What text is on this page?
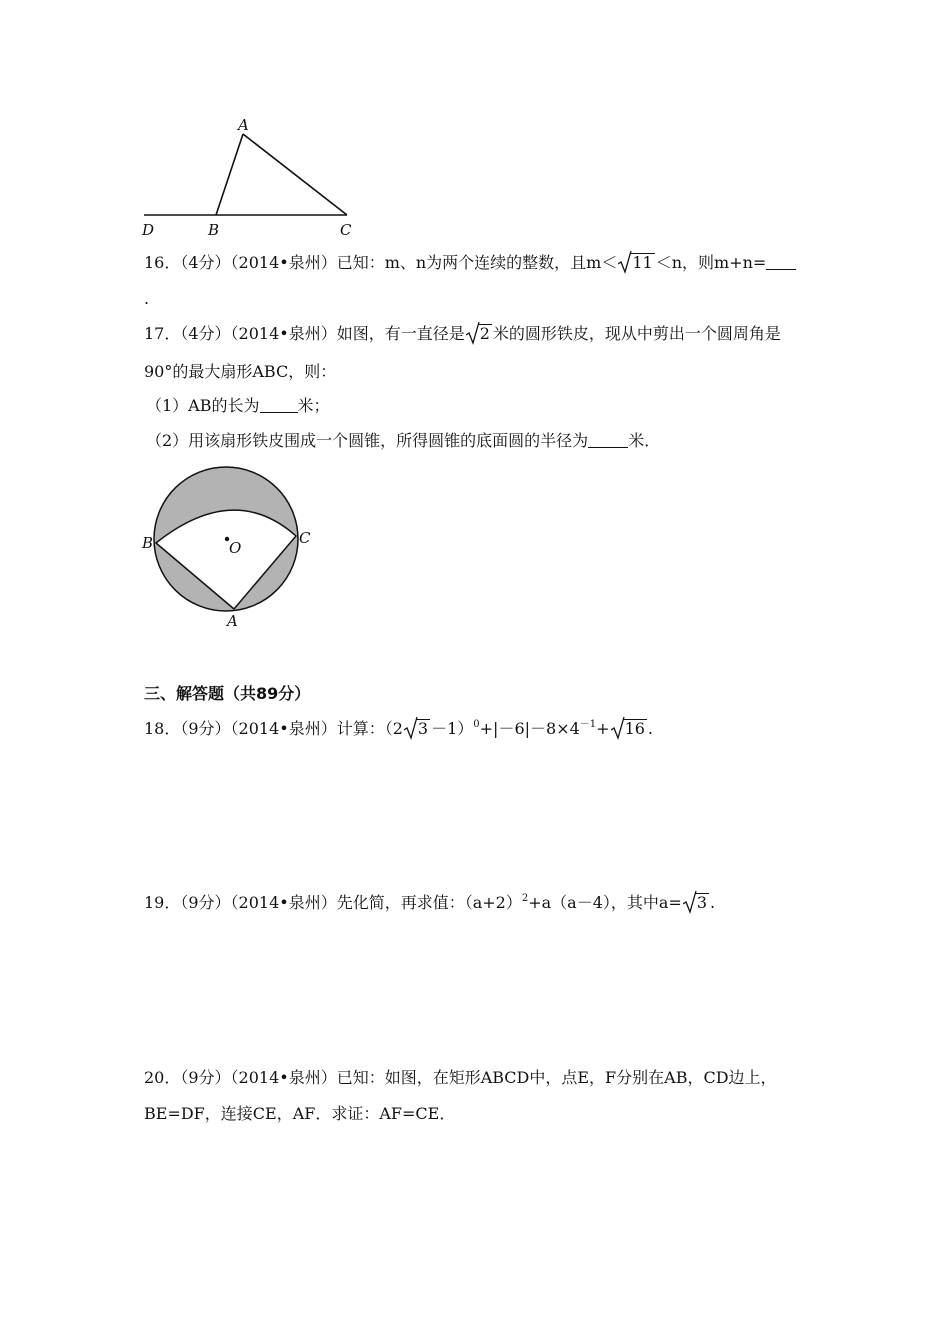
A
D	B	C
16．（4分）（2014•泉州）已知：m、n为两个连续的整数，且m＜ 11 ＜n，则m+n=
.
17．（4分）（2014•泉州）如图，有一直径是 2 米的圆形铁皮，现从中剪出一个圆周角是
90°的最大扇形ABC，则：
（1）AB的长为 米；
（2）用该扇形铁皮围成一个圆锥，所得圆锥的底面圆的半径为	米．
B	C
O
A
三、解答题（共89分）
18．（9分）（2014•泉州）计算：（2 $3 -1)^0+|-6|-8\times 4^{-1}+ 16$ .
19．（9分）（2014•泉州）先化简，再求值：$(a+2)^2+a(a-4)$，其中a= 3 .
20．（9分）（2014•泉州）已知：如图，在矩形ABCD中，点E，F分别在AB，CD边上，
BE=DF，连接CE，AF．求证：AF=CE．
